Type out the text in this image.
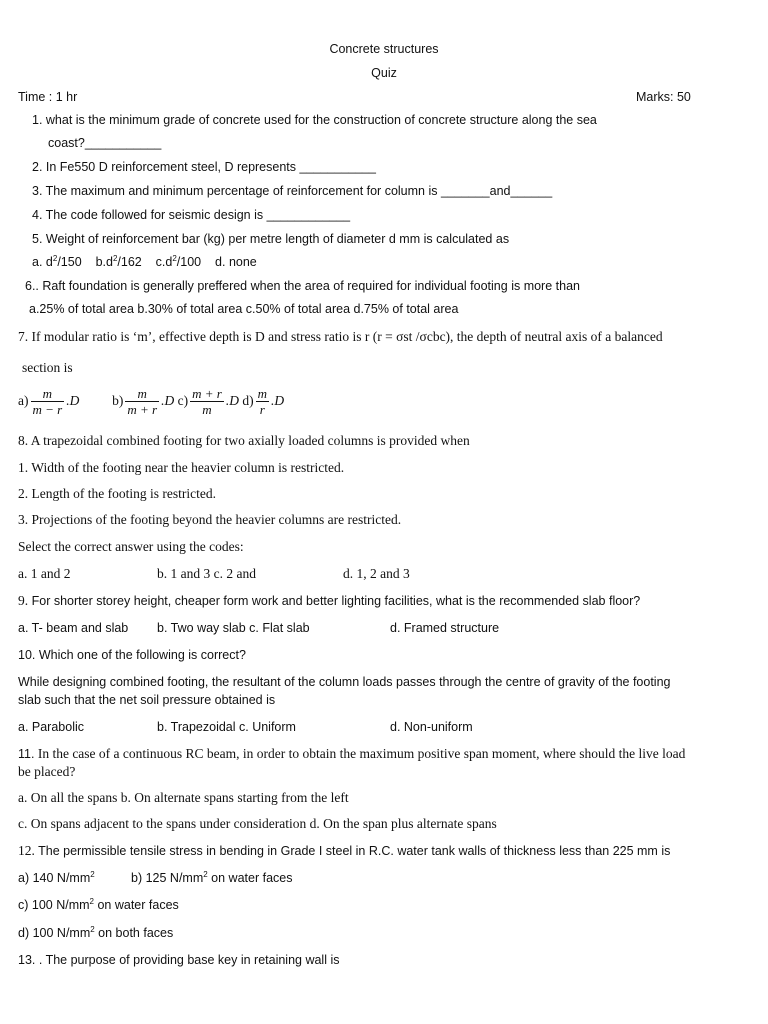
Concrete structures
Quiz
Time : 1 hr	Marks: 50
1. what is the minimum grade of concrete used for the construction of concrete structure along the sea
coast?___________
2. In Fe550 D reinforcement steel, D represents ___________
3. The maximum and minimum percentage of reinforcement for column is _______and______
4. The code followed for seismic design is ____________
5. Weight of reinforcement bar (kg) per metre length of diameter d mm is calculated as
a. $d^2/150$ $b.d^2/162$ $c.d^2/100$ d. none
6.. Raft foundation is generally preffered when the area of required for individual footing is more than
a.25% of total area b.30% of total area c.50% of total area d.75% of total area
7. If modular ratio is ‘m’, effective depth is D and stress ratio is r (r = σst /σcbc), the depth of neutral axis of a balanced
section is
$a) \frac{m}{m - r} .D$ $b) \frac{m}{m + r} .D$ $c) \frac{m + r}{m} .D$ $d) \frac{m}{r} .D$
8. A trapezoidal combined footing for two axially loaded columns is provided when
1. Width of the footing near the heavier column is restricted.
2. Length of the footing is restricted.
3. Projections of the footing beyond the heavier columns are restricted.
Select the correct answer using the codes:
a. 1 and 2	b. 1 and 3 c. 2 and	d. 1, 2 and 3
9. For shorter storey height, cheaper form work and better lighting facilities, what is the recommended slab floor?
a. T- beam and slab b. Two way slab c. Flat slab	d. Framed structure
10. Which one of the following is correct?
While designing combined footing, the resultant of the column loads passes through the centre of gravity of the footing
slab such that the net soil pressure obtained is
a. Parabolic	b. Trapezoidal c. Uniform	d. Non-uniform
11. In the case of a continuous RC beam, in order to obtain the maximum positive span moment, where should the live load
be placed?
a. On all the spans b. On alternate spans starting from the left
c. On spans adjacent to the spans under consideration d. On the span plus alternate spans
12. The permissible tensile stress in bending in Grade I steel in R.C. water tank walls of thickness less than 225 mm is
a) 140 $N/mm^2$	b) 125 $N/mm^2$ on water faces
c) 100 $N/mm^2$ on water faces
d) 100 $N/mm^2$ on both faces
13. . The purpose of providing base key in retaining wall is
